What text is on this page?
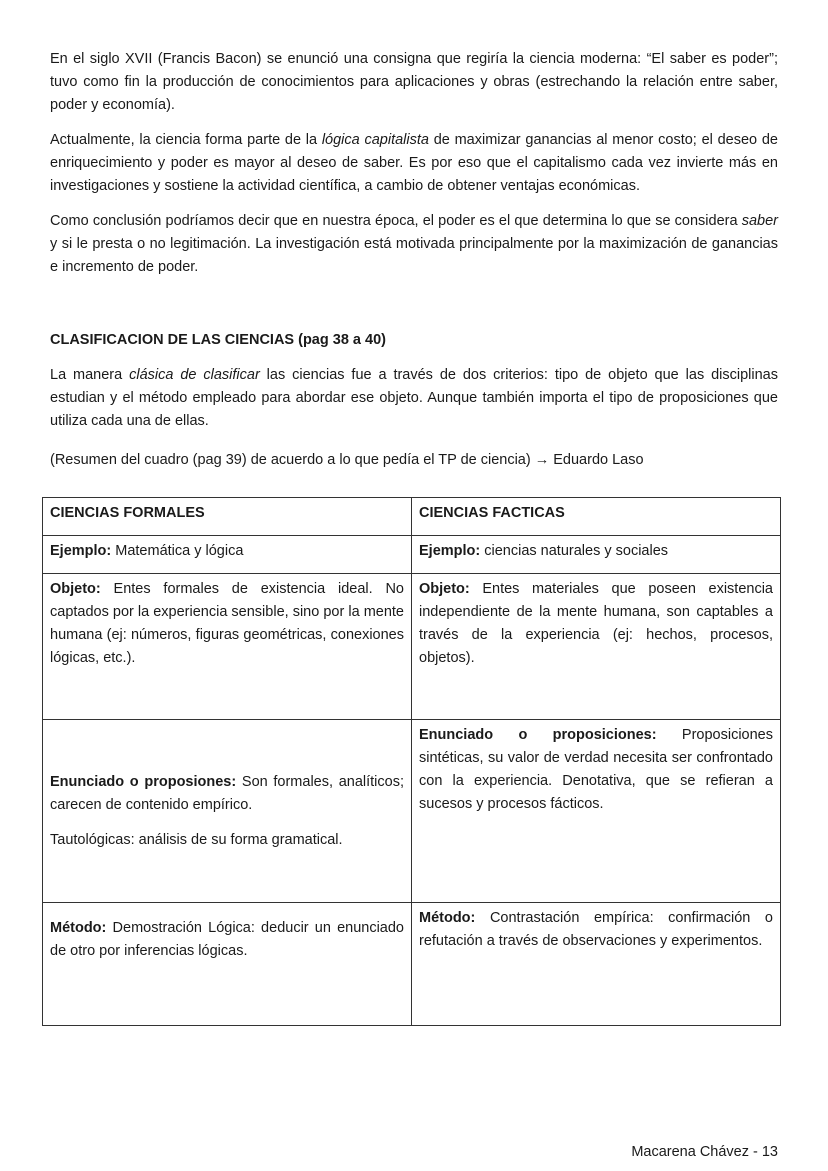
En el siglo XVII (Francis Bacon) se enunció una consigna que regiría la ciencia moderna: “El saber es poder”; tuvo como fin la producción de conocimientos para aplicaciones y obras (estrechando la relación entre saber, poder y economía).

Actualmente, la ciencia forma parte de la lógica capitalista de maximizar ganancias al menor costo; el deseo de enriquecimiento y poder es mayor al deseo de saber. Es por eso que el capitalismo cada vez invierte más en investigaciones y sostiene la actividad científica, a cambio de obtener ventajas económicas.

Como conclusión podríamos decir que en nuestra época, el poder es el que determina lo que se considera saber y si le presta o no legitimación. La investigación está motivada principalmente por la maximización de ganancias e incremento de poder.

CLASIFICACION DE LAS CIENCIAS (pag 38 a 40)

La manera clásica de clasificar las ciencias fue a través de dos criterios: tipo de objeto que las disciplinas estudian y el método empleado para abordar ese objeto. Aunque también importa el tipo de proposiciones que utiliza cada una de ellas.

(Resumen del cuadro (pag 39) de acuerdo a lo que pedía el TP de ciencia) → Eduardo Laso

CIENCIAS FORMALES	CIENCIAS FACTICAS
Ejemplo: Matemática y lógica	Ejemplo: ciencias naturales y sociales
Objeto: Entes formales de existencia ideal. No captados por la experiencia sensible, sino por la mente humana (ej: números, figuras geométricas, conexiones lógicas, etc.).	Objeto: Entes materiales que poseen existencia independiente de la mente humana, son captables a través de la experiencia (ej: hechos, procesos, objetos).

Enunciado o proposiones: Son formales, analíticos; carecen de contenido empírico.

Tautológicas: análisis de su forma gramatical.	Enunciado o proposiciones: Proposiciones sintéticas, su valor de verdad necesita ser confrontado con la experiencia. Denotativa, que se refieran a sucesos y procesos fácticos.
Método: Demostración Lógica: deducir un enunciado de otro por inferencias lógicas.	Método: Contrastación empírica: confirmación o refutación a través de observaciones y experimentos.
Macarena Chávez - 13
